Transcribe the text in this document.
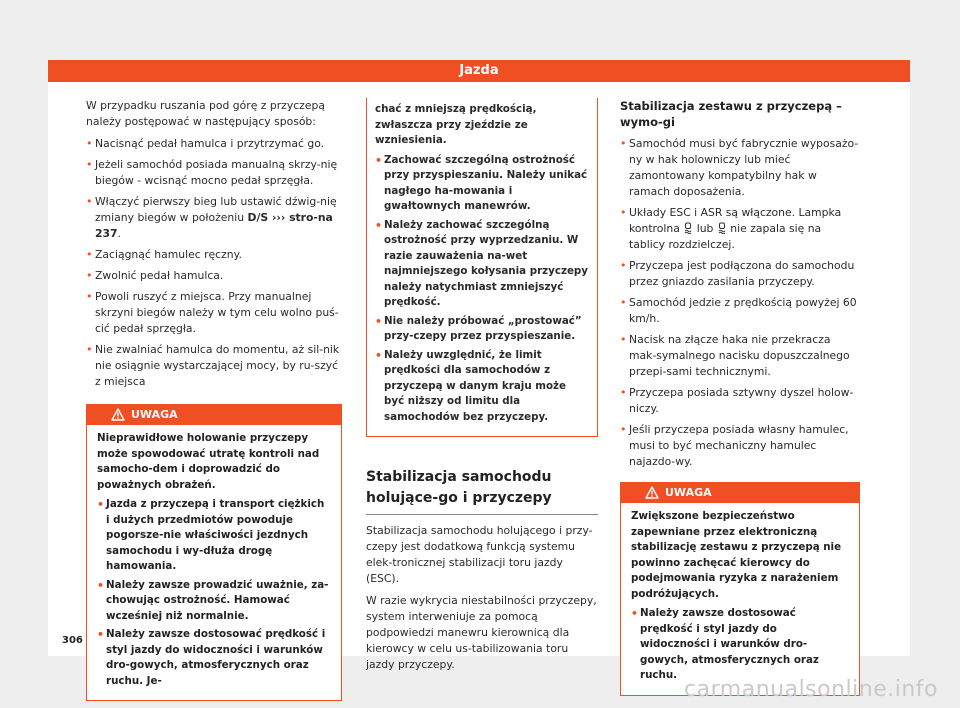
Jazda

W przypadku ruszania pod górę z przyczepą należy postępować w następujący sposób:

• Nacisnąć pedał hamulca i przytrzymać go.
• Jeżeli samochód posiada manualną skrzy-nię biegów - wcisnąć mocno pedał sprzęgła.
• Włączyć pierwszy bieg lub ustawić dźwig-nię zmiany biegów w położeniu D/S ››› stro-na 237.
• Zaciągnąć hamulec ręczny.
• Zwolnić pedał hamulca.
• Powoli ruszyć z miejsca. Przy manualnej skrzyni biegów należy w tym celu wolno puś-cić pedał sprzęgła.
• Nie zwalniać hamulca do momentu, aż sil-nik nie osiągnie wystarczającej mocy, by ru-szyć z miejsca
UWAGA

Nieprawidłowe holowanie przyczepy może spowodować utratę kontroli nad samocho-dem i doprowadzić do poważnych obrażeń.

• Jazda z przyczepą i transport ciężkich i dużych przedmiotów powoduje pogorsze-nie właściwości jezdnych samochodu i wy-dłuża drogę hamowania.
• Należy zawsze prowadzić uważnie, za-chowując ostrożność. Hamować wcześniej niż normalnie.
• Należy zawsze dostosować prędkość i styl jazdy do widoczności i warunków dro-gowych, atmosferycznych oraz ruchu. Je-

chać z mniejszą prędkością, zwłaszcza przy zjeździe ze wzniesienia.

• Zachować szczególną ostrożność przy przyspieszaniu. Należy unikać nagłego ha-mowania i gwałtownych manewrów.
• Należy zachować szczególną ostrożność przy wyprzedzaniu. W razie zauważenia na-wet najmniejszego kołysania przyczepy należy natychmiast zmniejszyć prędkość.
• Nie należy próbować „prostować” przy-czepy przez przyspieszanie.
• Należy uwzględnić, że limit prędkości dla samochodów z przyczepą w danym kraju może być niższy od limitu dla samochodów bez przyczepy.
Stabilizacja samochodu holujące-go i przyczepy

Stabilizacja samochodu holującego i przy-czepy jest dodatkową funkcją systemu elek-tronicznej stabilizacji toru jazdy (ESC).

W razie wykrycia niestabilności przyczepy, system interweniuje za pomocą podpowiedzi manewru kierownicą dla kierowcy w celu us-tabilizowania toru jazdy przyczepy.

Stabilizacja zestawu z przyczepą – wymo-gi
• Samochód musi być fabrycznie wyposażo-ny w hak holowniczy lub mieć zamontowany kompatybilny hak w ramach doposażenia.
• Układy ESC i ASR są włączone. Lampka kontrolna lub nie zapala się na tablicy rozdzielczej.
• Przyczepa jest podłączona do samochodu przez gniazdo zasilania przyczepy.
• Samochód jedzie z prędkością powyżej 60 km/h.
• Nacisk na złącze haka nie przekracza mak-symalnego nacisku dopuszczalnego przepi-sami technicznymi.
• Przyczepa posiada sztywny dyszel holow-niczy.
• Jeśli przyczepa posiada własny hamulec, musi to być mechaniczny hamulec najazdo-wy.
UWAGA

Zwiększone bezpieczeństwo zapewniane przez elektroniczną stabilizację zestawu z przyczepą nie powinno zachęcać kierowcy do podejmowania ryzyka z narażeniem podróżujących.

• Należy zawsze dostosować prędkość i styl jazdy do widoczności i warunków dro-gowych, atmosferycznych oraz ruchu.
306
carmanualsonline.info
